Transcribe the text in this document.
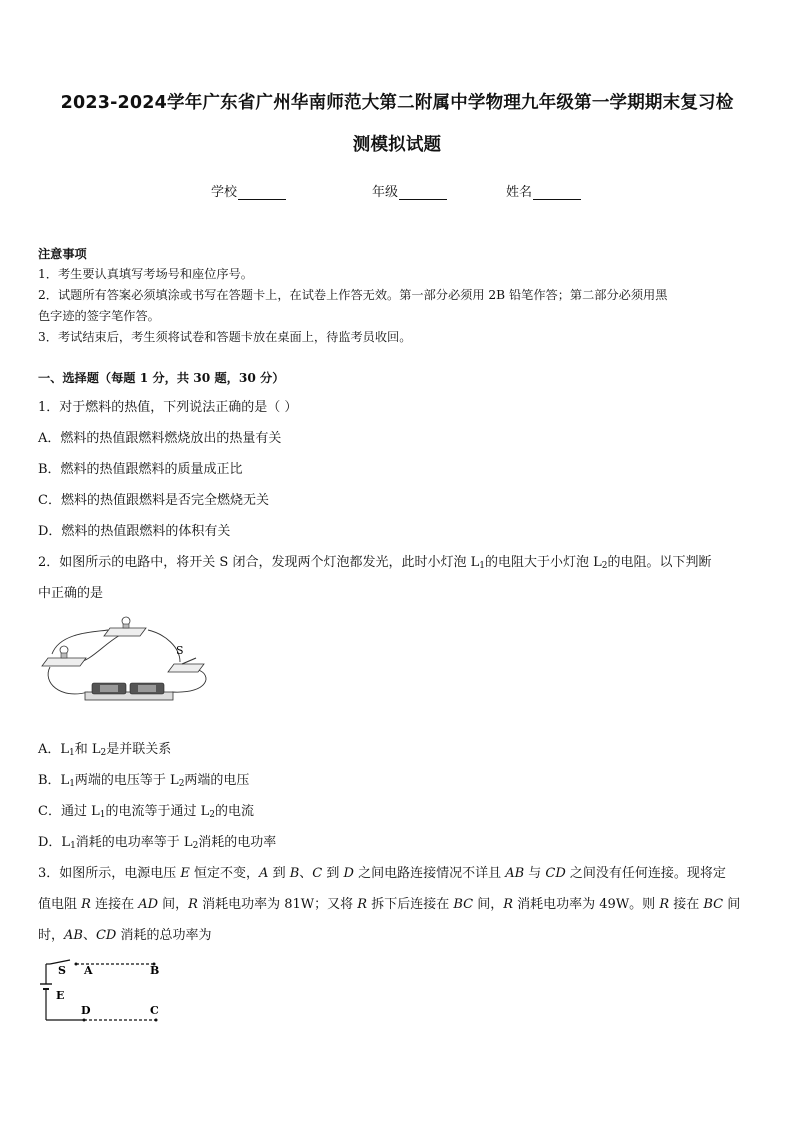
2023-2024学年广东省广州华南师范大第二附属中学物理九年级第一学期期末复习检
测模拟试题
学校	年级	姓名
注意事项
1．考生要认真填写考场号和座位序号。
2．试题所有答案必须填涂或书写在答题卡上，在试卷上作答无效。第一部分必须用 2B 铅笔作答；第二部分必须用黑
色字迹的签字笔作答。
3．考试结束后，考生须将试卷和答题卡放在桌面上，待监考员收回。
一、选择题（每题 1 分，共 30 题，30 分）
1．对于燃料的热值，下列说法正确的是（ ）
A．燃料的热值跟燃料燃烧放出的热量有关
B．燃料的热值跟燃料的质量成正比
C．燃料的热值跟燃料是否完全燃烧无关
D．燃料的热值跟燃料的体积有关
2．如图所示的电路中，将开关 S 闭合，发现两个灯泡都发光，此时小灯泡 $L_1$的电阻大于小灯泡 $L_2$的电阻。以下判断
中正确的是
S
A．$L_1$和 $L_2$是并联关系
B．$L_1$两端的电压等于 $L_2$两端的电压
C．通过 $L_1$的电流等于通过 $L_2$的电流
D．$L_1$消耗的电功率等于 $L_2$消耗的电功率
3．如图所示，电源电压 E 恒定不变，A 到 B、C 到 D 之间电路连接情况不详且 AB 与 CD 之间没有任何连接。现将定
值电阻 R 连接在 AD 间，R 消耗电功率为 81W；又将 R 拆下后连接在 BC 间，R 消耗电功率为 49W。则 R 接在 BC 间
时，AB、CD 消耗的总功率为
S A	B
E
D	C
